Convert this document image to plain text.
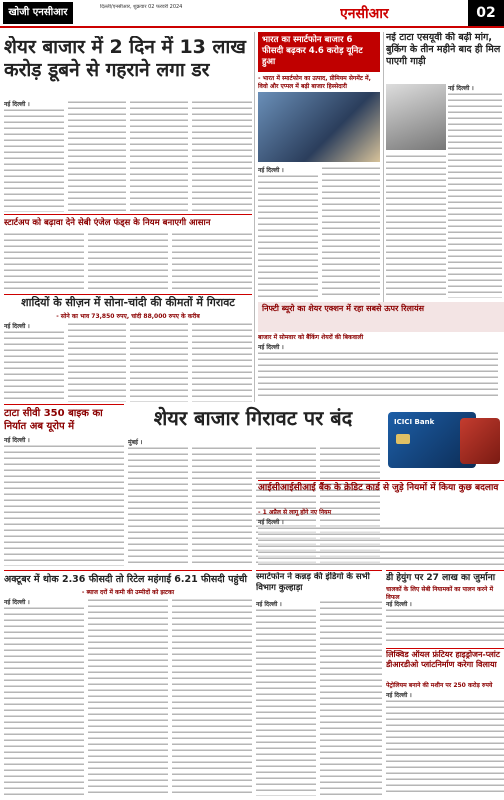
खोजी एनसीआर	दिल्ली/एनसीआर, शुक्रवार 02 फरवरी 2024	एनसीआर	02
शेयर बाजार में 2 दिन में 13 लाख करोड़ डूबने से गहराने लगा डर
नई दिल्ली ।
स्टार्टअप को बढ़ावा देने सेबी एंजेल फंड्स के नियम बनाएगी आसान
शादियों के सीज़न में सोना-चांदी की कीमतों में गिरावट
- सोने का भाव 73,850 रुपए, चांदी 88,000 रुपए के करीब
नई दिल्ली ।
टाटा सीवी 350 बाइक का निर्यात अब यूरोप में
नई दिल्ली ।
शेयर बाजार गिरावट पर बंद
मुंबई ।
अक्टूबर में थोक 2.36 फीसदी तो रिटेल महंगाई 6.21 फीसदी पहुंची
- ब्याज दरों में कमी की उम्मीदों को झटका
नई दिल्ली ।
भारत का स्मार्टफोन बाजार 6 फीसदी बढ़कर 4.6 करोड़ यूनिट हुआ
- भारत में स्मार्टफोन का उत्पाद, प्रीमियम सेगमेंट में, विवो और एप्पल में बढ़ी बाजार हिस्सेदारी
नई दिल्ली ।
निफ्टी ब्यूरो का शेयर एक्शन में रहा सबसे ऊपर रिलायंस
बाजार में सोमवार को बैंकिंग शेयरों की बिकवाली
नई दिल्ली ।
नई टाटा एसयूवी की बढ़ी मांग, बुकिंग के तीन महीने बाद ही मिल पाएगी गाड़ी
नई दिल्ली ।
ICICI Bank
आईसीआईसीआई बैंक के क्रेडिट कार्ड से जुड़े नियमों में किया कुछ बदलाव
- 1 अप्रैल से लागू होंगे नए नियम
नई दिल्ली ।
डी हेयुंग पर 27 लाख का जुर्माना
चालकों के लिए सेबी नियामकों का पालन करने में विफल
नई दिल्ली ।
लिक्विड ऑयल फ्रंटियर हाइड्रोजन-प्लांट डीआरडीओ प्लांटनिर्माण करेगा विलाया
पेट्रोलियम बनाने की मशीन पर 250 करोड़ रुपये
नई दिल्ली ।
स्मार्टफोन ने कन्नड़ की इंडिगो के सभी विभाग कुल्हाड़ा
नई दिल्ली ।
